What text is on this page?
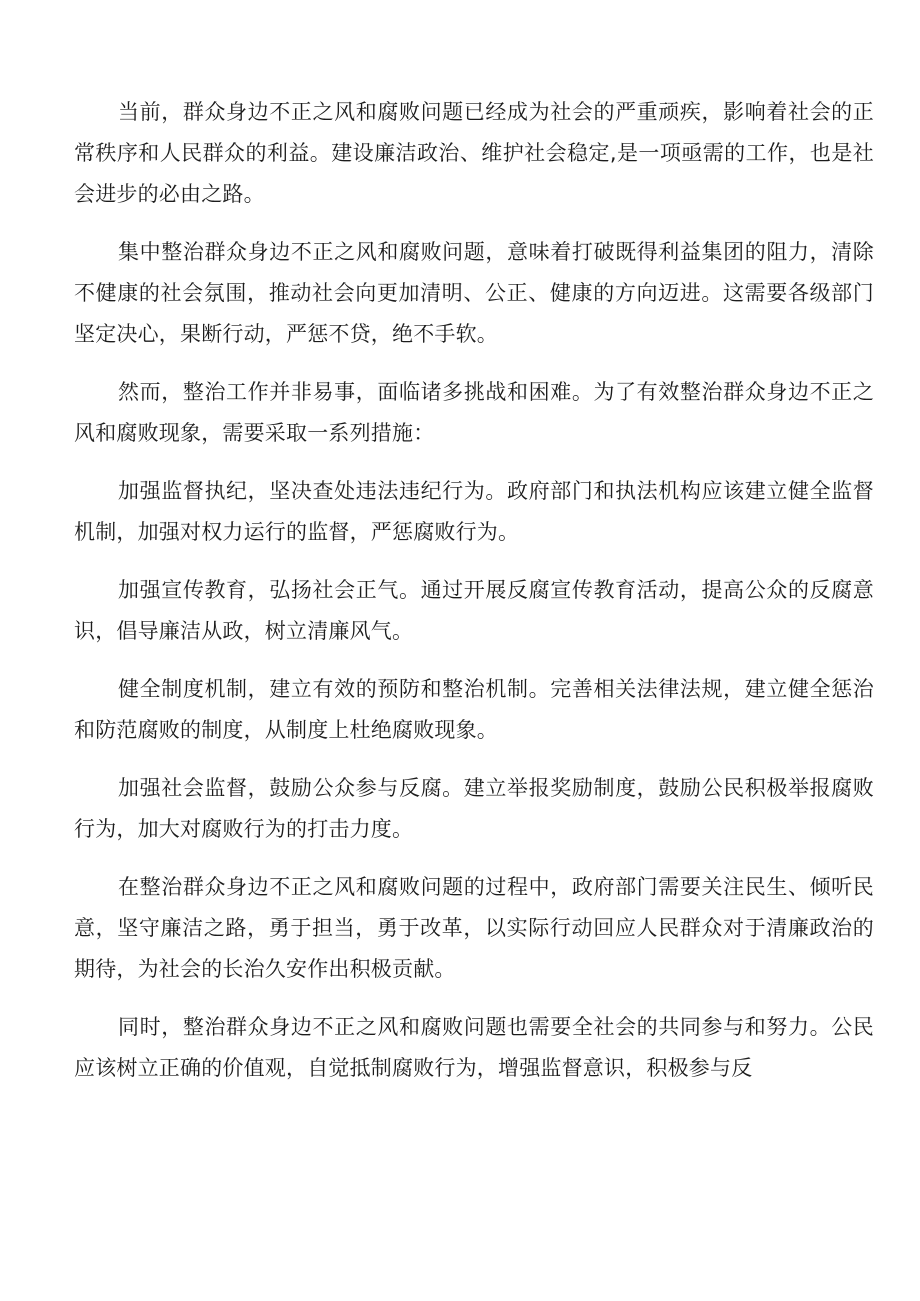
当前，群众身边不正之风和腐败问题已经成为社会的严重顽疾，影响着社会的正常秩序和人民群众的利益。建设廉洁政治、维护社会稳定,是一项亟需的工作，也是社会进步的必由之路。

集中整治群众身边不正之风和腐败问题，意味着打破既得利益集团的阻力，清除不健康的社会氛围，推动社会向更加清明、公正、健康的方向迈进。这需要各级部门坚定决心，果断行动，严惩不贷，绝不手软。

然而，整治工作并非易事，面临诸多挑战和困难。为了有效整治群众身边不正之风和腐败现象，需要采取一系列措施：

加强监督执纪，坚决查处违法违纪行为。政府部门和执法机构应该建立健全监督机制，加强对权力运行的监督，严惩腐败行为。

加强宣传教育，弘扬社会正气。通过开展反腐宣传教育活动，提高公众的反腐意识，倡导廉洁从政，树立清廉风气。

健全制度机制，建立有效的预防和整治机制。完善相关法律法规，建立健全惩治和防范腐败的制度，从制度上杜绝腐败现象。

加强社会监督，鼓励公众参与反腐。建立举报奖励制度，鼓励公民积极举报腐败行为，加大对腐败行为的打击力度。

在整治群众身边不正之风和腐败问题的过程中，政府部门需要关注民生、倾听民意，坚守廉洁之路，勇于担当，勇于改革，以实际行动回应人民群众对于清廉政治的期待，为社会的长治久安作出积极贡献。

同时，整治群众身边不正之风和腐败问题也需要全社会的共同参与和努力。公民应该树立正确的价值观，自觉抵制腐败行为，增强监督意识，积极参与反
